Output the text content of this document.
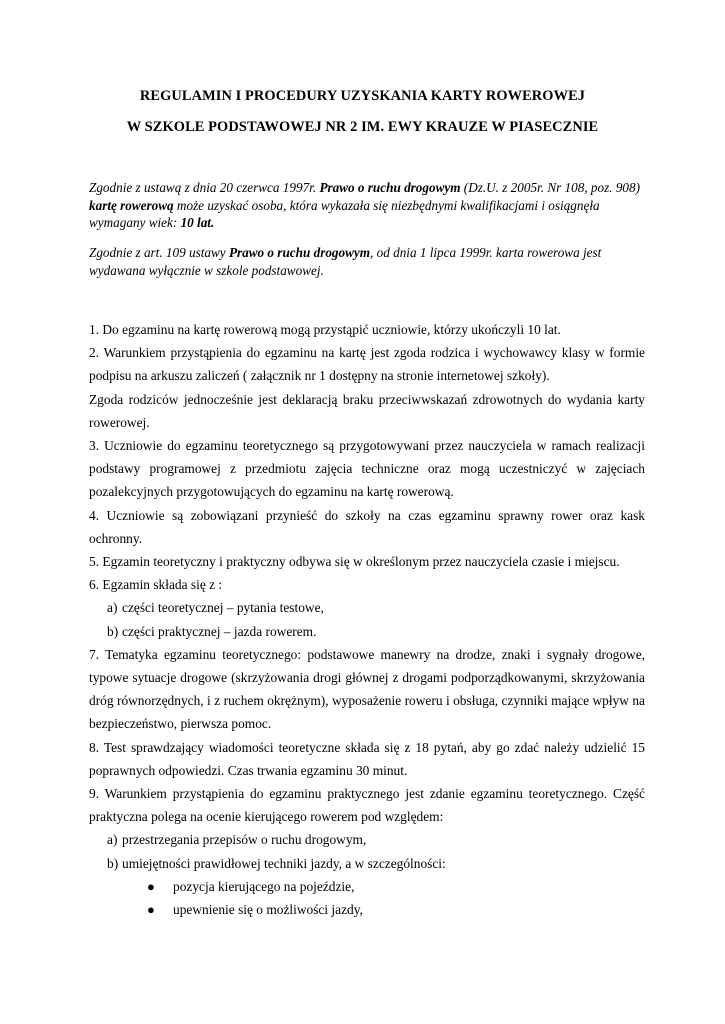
REGULAMIN I PROCEDURY UZYSKANIA KARTY ROWEROWEJ
W SZKOLE PODSTAWOWEJ NR 2 IM. EWY KRAUZE W PIASECZNIE
Zgodnie z ustawą z dnia 20 czerwca 1997r. Prawo o ruchu drogowym (Dz.U. z 2005r. Nr 108, poz. 908) kartę rowerową może uzyskać osoba, która wykazała się niezbędnymi kwalifikacjami i osiągnęła wymagany wiek: 10 lat.
Zgodnie z art. 109 ustawy Prawo o ruchu drogowym, od dnia 1 lipca 1999r. karta rowerowa jest wydawana wyłącznie w szkole podstawowej.
1. Do egzaminu na kartę rowerową mogą przystąpić uczniowie, którzy ukończyli 10 lat.
2. Warunkiem przystąpienia do egzaminu na kartę jest zgoda rodzica i wychowawcy klasy w formie podpisu na arkuszu zaliczeń ( załącznik nr 1 dostępny na stronie internetowej szkoły).
Zgoda rodziców jednocześnie jest deklaracją braku przeciwwskazań zdrowotnych do wydania karty rowerowej.
3. Uczniowie do egzaminu teoretycznego są przygotowywani przez nauczyciela w ramach realizacji podstawy programowej z przedmiotu zajęcia techniczne oraz mogą uczestniczyć w zajęciach pozalekcyjnych przygotowujących do egzaminu na kartę rowerową.
4. Uczniowie są zobowiązani przynieść do szkoły na czas egzaminu sprawny rower oraz kask ochronny.
5. Egzamin teoretyczny i praktyczny odbywa się w określonym przez nauczyciela czasie i miejscu.
6. Egzamin składa się z :
a) części teoretycznej – pytania testowe,
b) części praktycznej – jazda rowerem.
7. Tematyka egzaminu teoretycznego: podstawowe manewry na drodze, znaki i sygnały drogowe, typowe sytuacje drogowe (skrzyżowania drogi głównej z drogami podporządkowanymi, skrzyżowania dróg równorzędnych, i z ruchem okrężnym), wyposażenie roweru i obsługa, czynniki mające wpływ na bezpieczeństwo, pierwsza pomoc.
8. Test sprawdzający wiadomości teoretyczne składa się z 18 pytań, aby go zdać należy udzielić 15 poprawnych odpowiedzi. Czas trwania egzaminu 30 minut.
9. Warunkiem przystąpienia do egzaminu praktycznego jest zdanie egzaminu teoretycznego. Część praktyczna polega na ocenie kierującego rowerem pod względem:
a) przestrzegania przepisów o ruchu drogowym,
b) umiejętności prawidłowej techniki jazdy, a w szczególności:
●	pozycja kierującego na pojeździe,
●	upewnienie się o możliwości jazdy,
